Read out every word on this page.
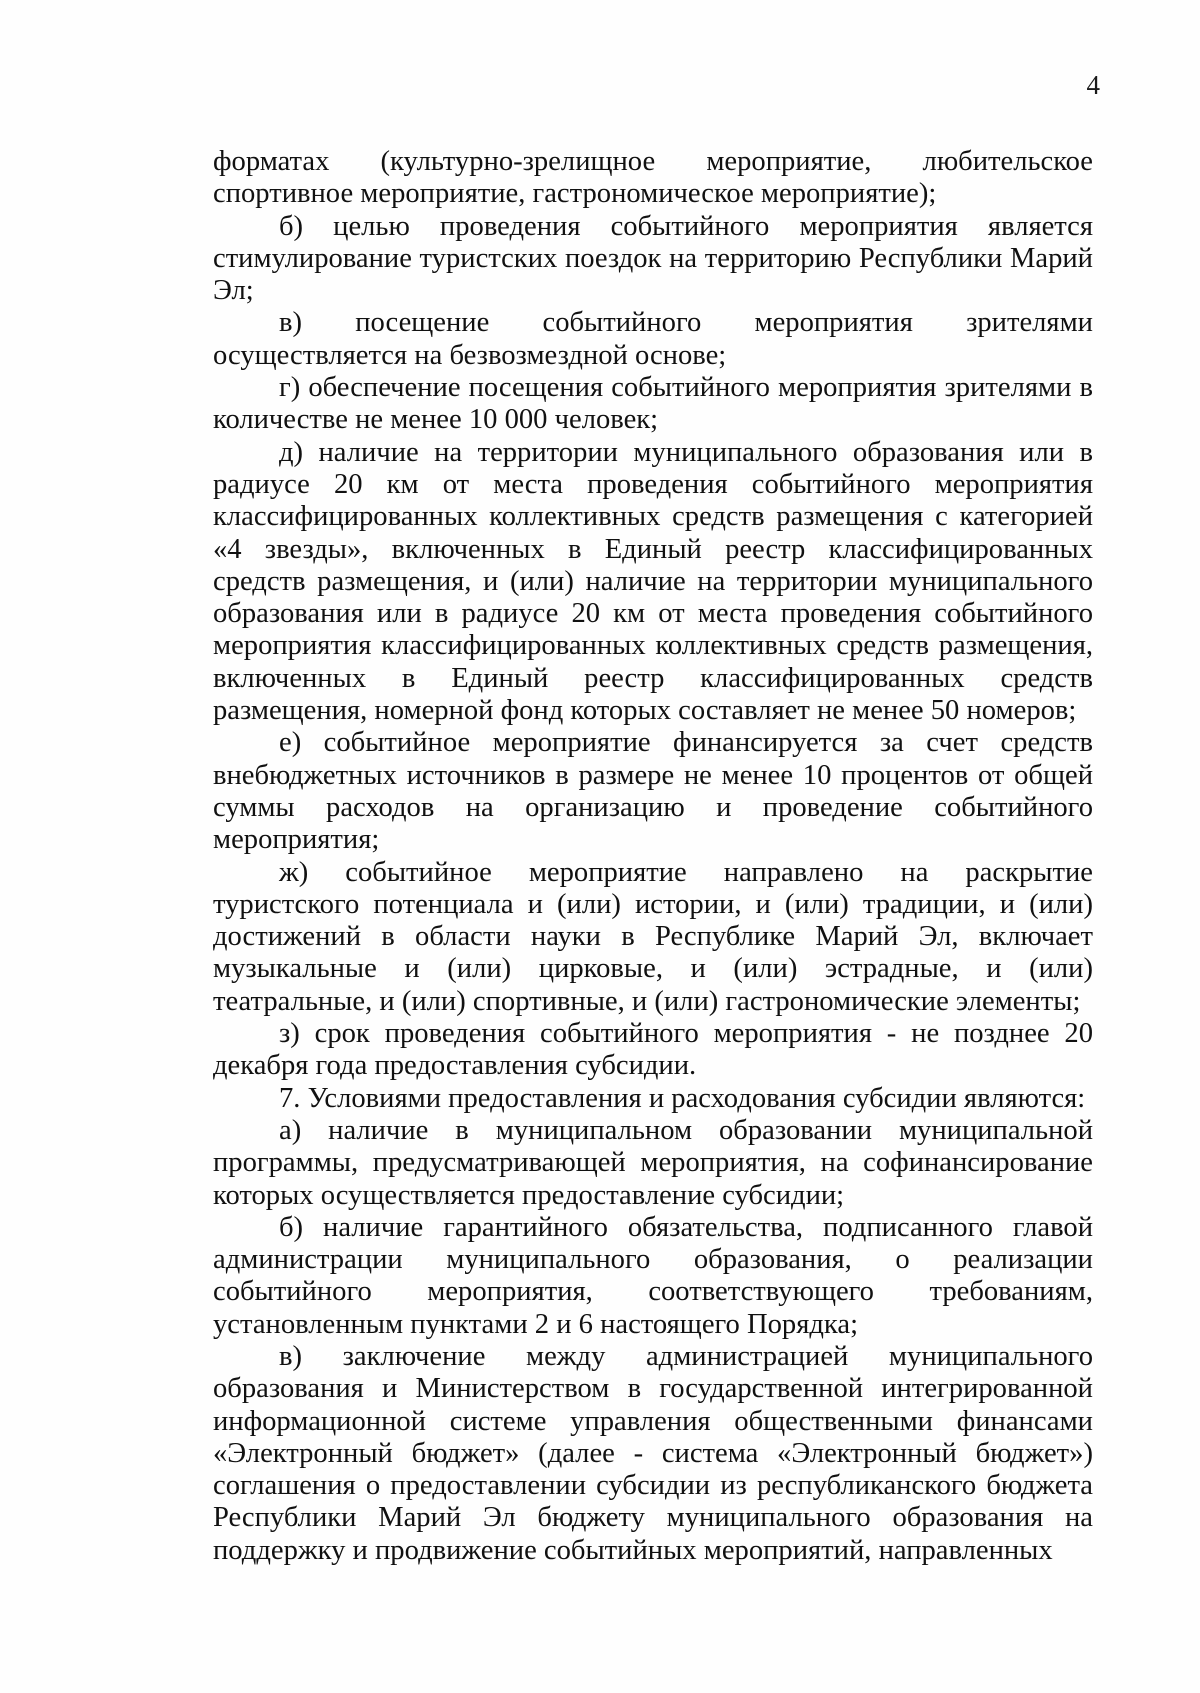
4

форматах (культурно-зрелищное мероприятие, любительское спортивное мероприятие, гастрономическое мероприятие);

б) целью проведения событийного мероприятия является стимулирование туристских поездок на территорию Республики Марий Эл;

в) посещение событийного мероприятия зрителями осуществляется на безвозмездной основе;

г) обеспечение посещения событийного мероприятия зрителями в количестве не менее 10 000 человек;

д) наличие на территории муниципального образования или в радиусе 20 км от места проведения событийного мероприятия классифицированных коллективных средств размещения с категорией «4 звезды», включенных в Единый реестр классифицированных средств размещения, и (или) наличие на территории муниципального образования или в радиусе 20 км от места проведения событийного мероприятия классифицированных коллективных средств размещения, включенных в Единый реестр классифицированных средств размещения, номерной фонд которых составляет не менее 50 номеров;

е) событийное мероприятие финансируется за счет средств внебюджетных источников в размере не менее 10 процентов от общей суммы расходов на организацию и проведение событийного мероприятия;

ж) событийное мероприятие направлено на раскрытие туристского потенциала и (или) истории, и (или) традиции, и (или) достижений в области науки в Республике Марий Эл, включает музыкальные и (или) цирковые, и (или) эстрадные, и (или) театральные, и (или) спортивные, и (или) гастрономические элементы;

з) срок проведения событийного мероприятия - не позднее 20 декабря года предоставления субсидии.

7. Условиями предоставления и расходования субсидии являются:

а) наличие в муниципальном образовании муниципальной программы, предусматривающей мероприятия, на софинансирование которых осуществляется предоставление субсидии;

б) наличие гарантийного обязательства, подписанного главой администрации муниципального образования, о реализации событийного мероприятия, соответствующего требованиям, установленным пунктами 2 и 6 настоящего Порядка;

в) заключение между администрацией муниципального образования и Министерством в государственной интегрированной информационной системе управления общественными финансами «Электронный бюджет» (далее - система «Электронный бюджет») соглашения о предоставлении субсидии из республиканского бюджета Республики Марий Эл бюджету муниципального образования на поддержку и продвижение событийных мероприятий, направленных
